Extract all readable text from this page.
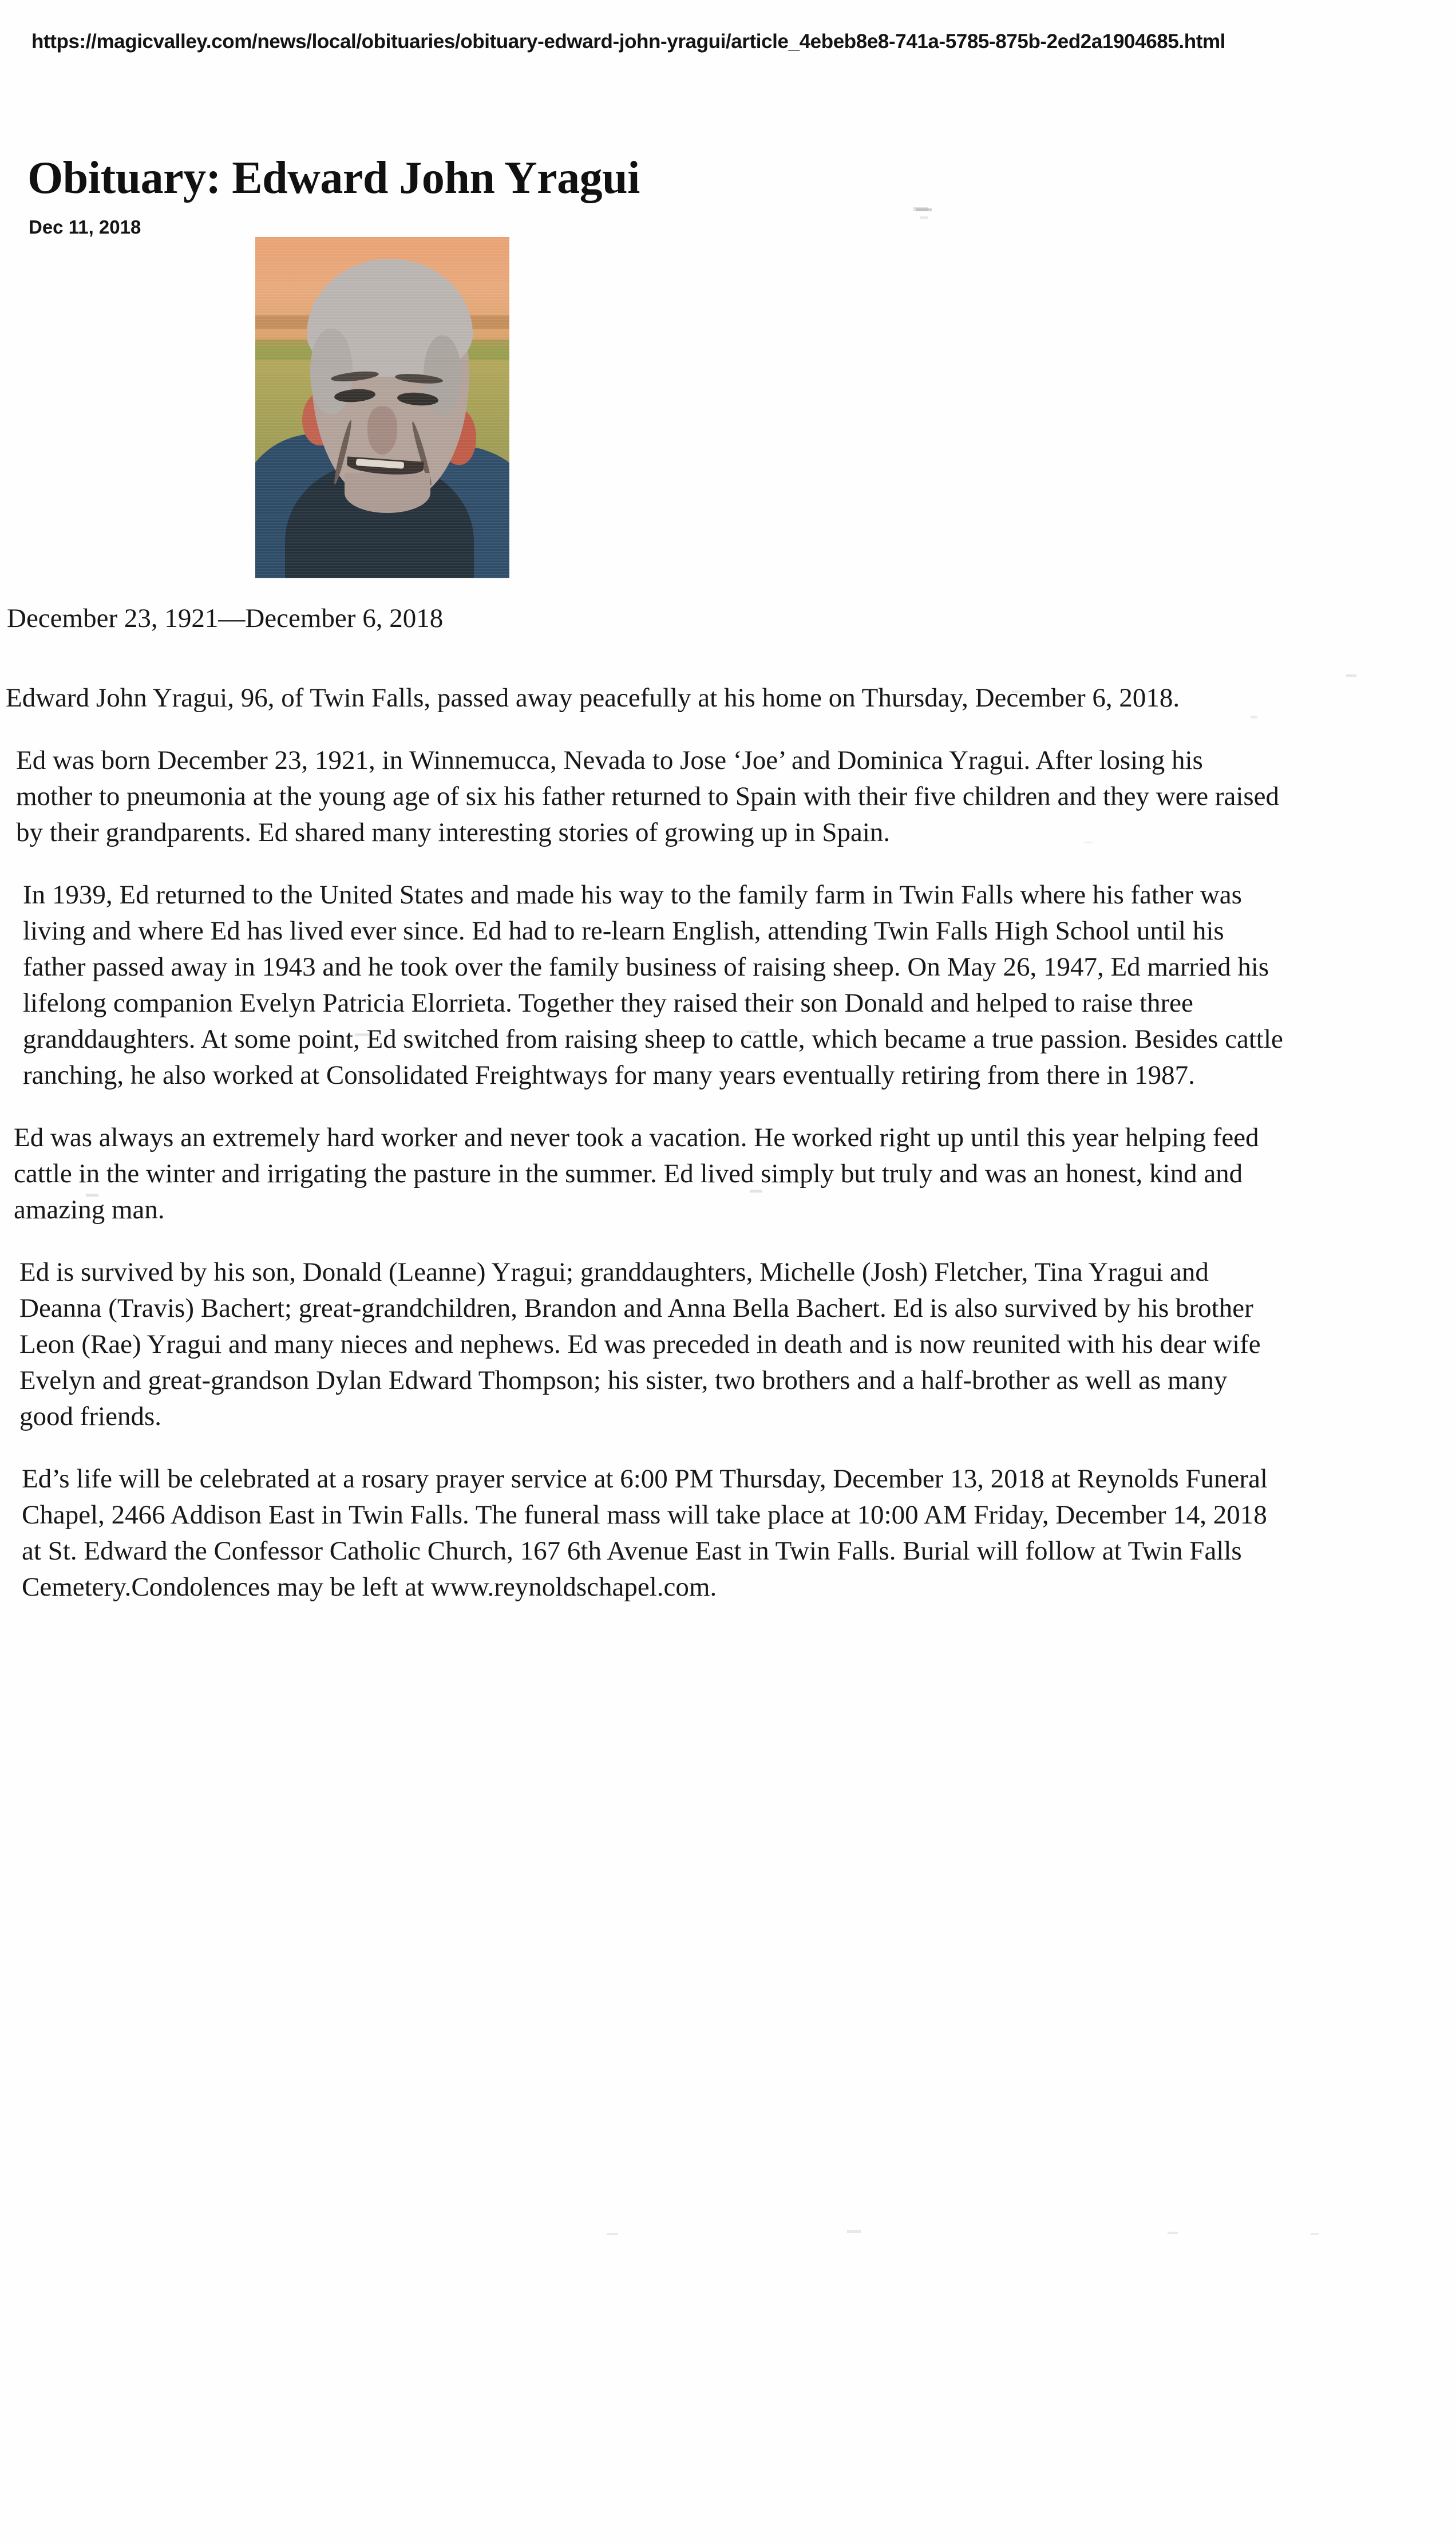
https://magicvalley.com/news/local/obituaries/obituary-edward-john-yragui/article_4ebeb8e8-741a-5785-875b-2ed2a1904685.html
Obituary: Edward John Yragui
Dec 11, 2018
December 23, 1921—December 6, 2018

Edward John Yragui, 96, of Twin Falls, passed away peacefully at his home on Thursday, December 6, 2018.

Ed was born December 23, 1921, in Winnemucca, Nevada to Jose ‘Joe’ and Dominica Yragui. After losing his mother to pneumonia at the young age of six his father returned to Spain with their five children and they were raised by their grandparents. Ed shared many interesting stories of growing up in Spain.

In 1939, Ed returned to the United States and made his way to the family farm in Twin Falls where his father was living and where Ed has lived ever since. Ed had to re-learn English, attending Twin Falls High School until his father passed away in 1943 and he took over the family business of raising sheep. On May 26, 1947, Ed married his lifelong companion Evelyn Patricia Elorrieta. Together they raised their son Donald and helped to raise three granddaughters. At some point, Ed switched from raising sheep to cattle, which became a true passion. Besides cattle ranching, he also worked at Consolidated Freightways for many years eventually retiring from there in 1987.

Ed was always an extremely hard worker and never took a vacation. He worked right up until this year helping feed cattle in the winter and irrigating the pasture in the summer. Ed lived simply but truly and was an honest, kind and amazing man.

Ed is survived by his son, Donald (Leanne) Yragui; granddaughters, Michelle (Josh) Fletcher, Tina Yragui and Deanna (Travis) Bachert; great-grandchildren, Brandon and Anna Bella Bachert. Ed is also survived by his brother Leon (Rae) Yragui and many nieces and nephews. Ed was preceded in death and is now reunited with his dear wife Evelyn and great-grandson Dylan Edward Thompson; his sister, two brothers and a half-brother as well as many good friends.

Ed’s life will be celebrated at a rosary prayer service at 6:00 PM Thursday, December 13, 2018 at Reynolds Funeral Chapel, 2466 Addison East in Twin Falls. The funeral mass will take place at 10:00 AM Friday, December 14, 2018 at St. Edward the Confessor Catholic Church, 167 6th Avenue East in Twin Falls. Burial will follow at Twin Falls Cemetery.Condolences may be left at www.reynoldschapel.com.
